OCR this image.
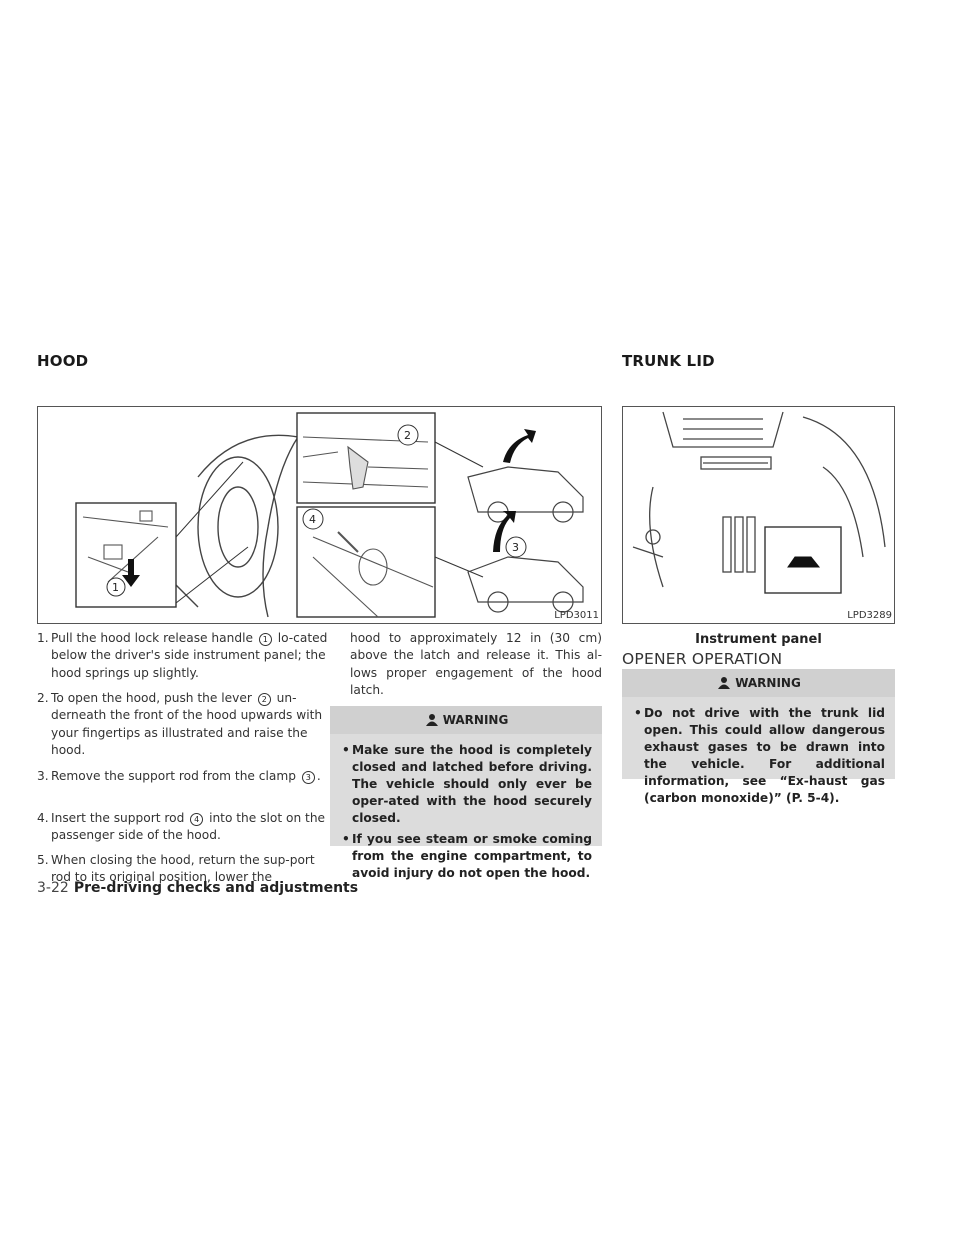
HOOD	TRUNK LID
1
2
4
3
LPD3011	LPD3289
Instrument panel
1. Pull the hood lock release handle 1 lo-cated below the driver's side instrument panel; the hood springs up slightly.
2. To open the hood, push the lever 2 un-derneath the front of the hood upwards with your fingertips as illustrated and raise the hood.
3. Remove the support rod from the clamp 3 .
4. Insert the support rod 4 into the slot on the passenger side of the hood.
5. When closing the hood, return the sup-port rod to its original position, lower the
hood to approximately 12 in (30 cm) above the latch and release it. This al-lows proper engagement of the hood latch.
WARNING
• Make sure the hood is completely closed and latched before driving. The vehicle should only ever be oper-ated with the hood securely closed.
• If you see steam or smoke coming from the engine compartment, to avoid injury do not open the hood.
OPENER OPERATION
WARNING
• Do not drive with the trunk lid open. This could allow dangerous exhaust gases to be drawn into the vehicle. For additional information, see “Ex-haust gas (carbon monoxide)” (P. 5-4).
3-22 Pre-driving checks and adjustments
